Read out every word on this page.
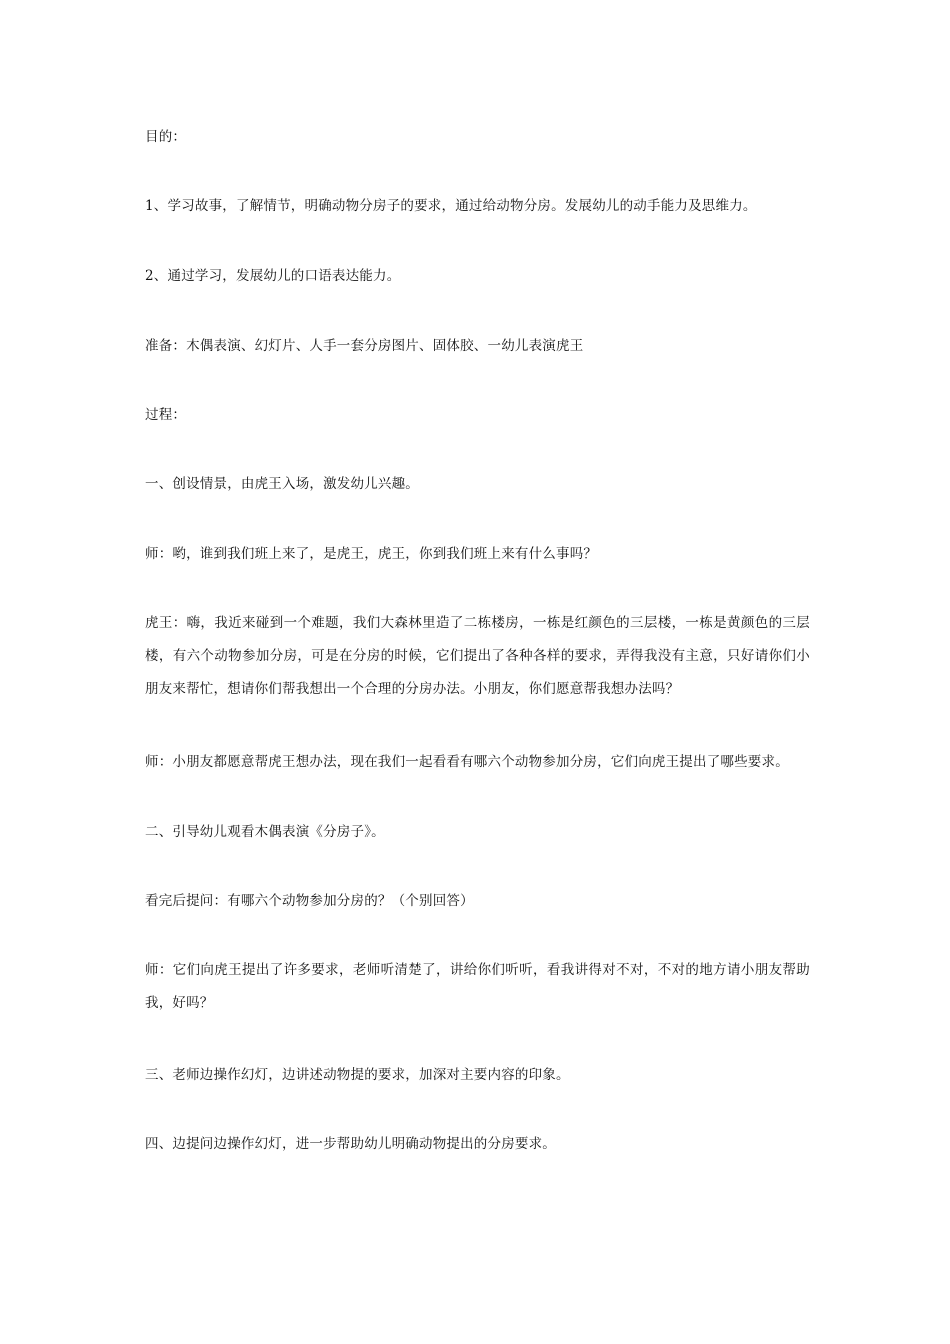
目的：

1、学习故事，了解情节，明确动物分房子的要求，通过给动物分房。发展幼儿的动手能力及思维力。

2、通过学习，发展幼儿的口语表达能力。

准备：木偶表演、幻灯片、人手一套分房图片、固体胶、一幼儿表演虎王

过程：

一、创设情景，由虎王入场，激发幼儿兴趣。

师：哟，谁到我们班上来了，是虎王，虎王，你到我们班上来有什么事吗？

虎王：嗨，我近来碰到一个难题，我们大森林里造了二栋楼房，一栋是红颜色的三层楼，一栋是黄颜色的三层楼，有六个动物参加分房，可是在分房的时候，它们提出了各种各样的要求，弄得我没有主意，只好请你们小朋友来帮忙，想请你们帮我想出一个合理的分房办法。小朋友，你们愿意帮我想办法吗？

师：小朋友都愿意帮虎王想办法，现在我们一起看看有哪六个动物参加分房，它们向虎王提出了哪些要求。

二、引导幼儿观看木偶表演《分房子》。

看完后提问：有哪六个动物参加分房的？（个别回答）

师：它们向虎王提出了许多要求，老师听清楚了，讲给你们听听，看我讲得对不对，不对的地方请小朋友帮助我，好吗？

三、老师边操作幻灯，边讲述动物提的要求，加深对主要内容的印象。

四、边提问边操作幻灯，进一步帮助幼儿明确动物提出的分房要求。
